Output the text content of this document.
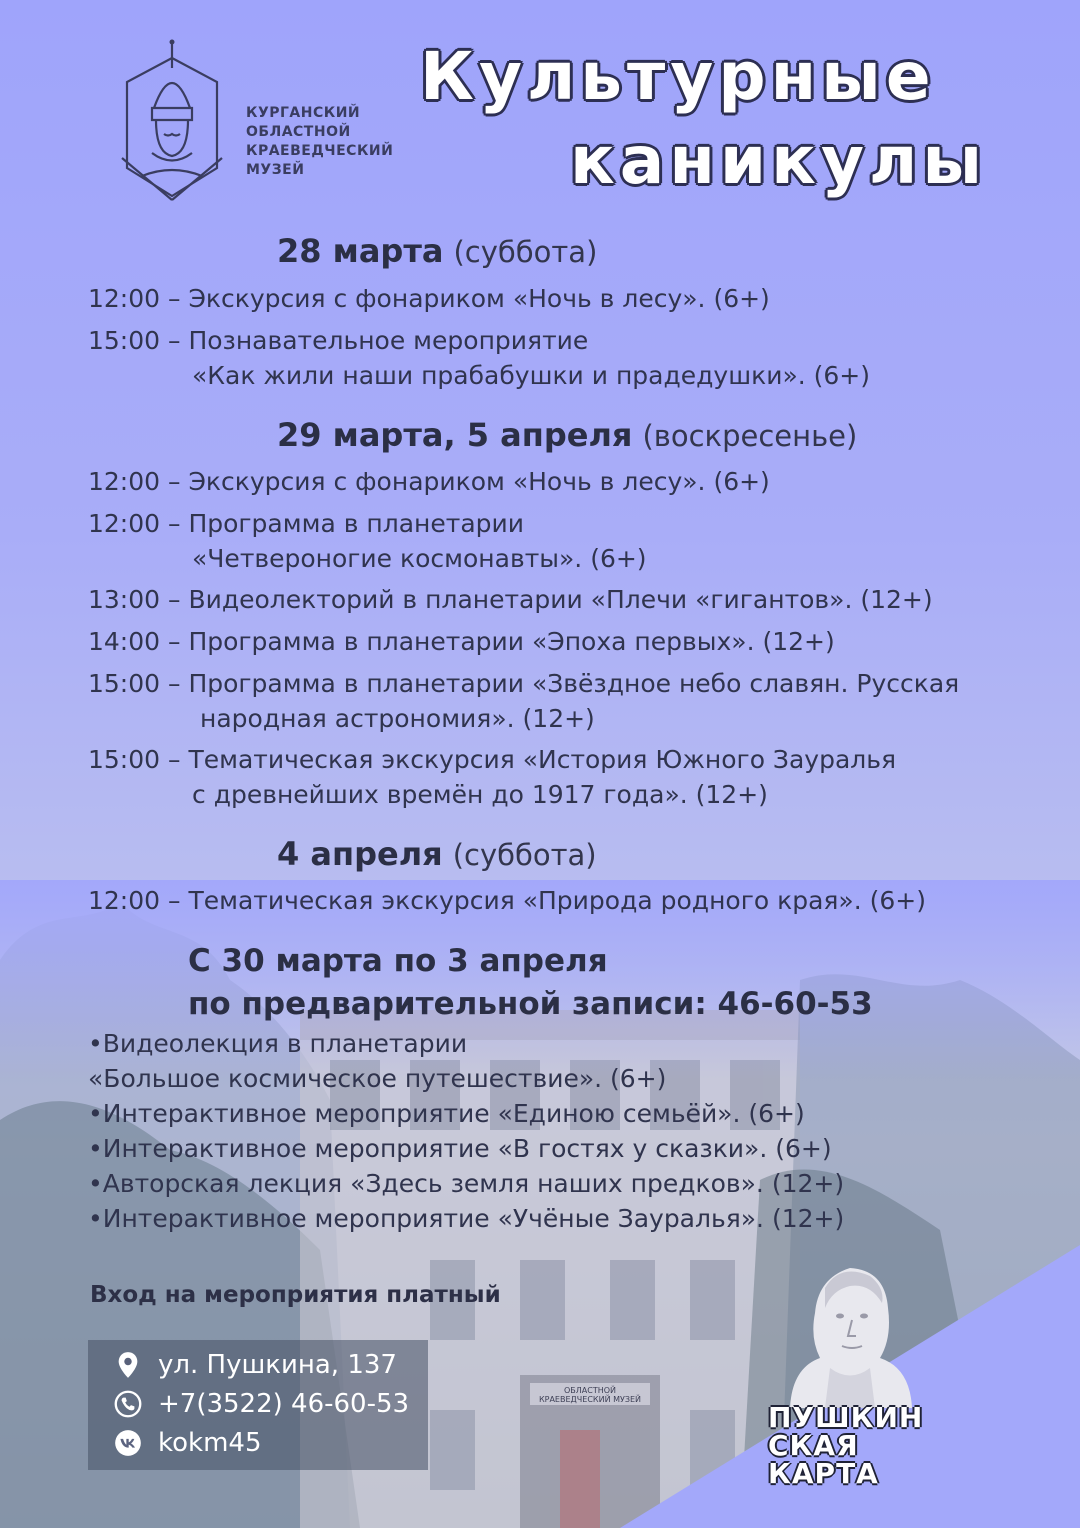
ОБЛАСТНОЙ
КРАЕВЕДЧЕСКИЙ МУЗЕЙ
КУРГАНСКИЙ
ОБЛАСТНОЙ
КРАЕВЕДЧЕСКИЙ
МУЗЕЙ
Культурные
каникулы
28 марта (суббота)
12:00 – Экскурсия с фонариком «Ночь в лесу». (6+)
15:00 – Познавательное мероприятие
«Как жили наши прабабушки и прадедушки». (6+)
29 марта, 5 апреля (воскресенье)
12:00 – Экскурсия с фонариком «Ночь в лесу». (6+)
12:00 – Программа в планетарии
«Четвероногие космонавты». (6+)
13:00 – Видеолекторий в планетарии «Плечи «гигантов». (12+)
14:00 – Программа в планетарии «Эпоха первых». (12+)
15:00 – Программа в планетарии «Звёздное небо славян. Русская
народная астрономия». (12+)
15:00 – Тематическая экскурсия «История Южного Зауралья
с древнейших времён до 1917 года». (12+)
4 апреля (суббота)
12:00 – Тематическая экскурсия «Природа родного края». (6+)
С 30 марта по 3 апреля
по предварительной записи: 46-60-53
•Видеолекция в планетарии
«Большое космическое путешествие». (6+)
•Интерактивное мероприятие «Единою семьёй». (6+)
•Интерактивное мероприятие «В гостях у сказки». (6+)
•Авторская лекция «Здесь земля наших предков». (12+)
•Интерактивное мероприятие «Учёные Зауралья». (12+)
Вход на мероприятия платный
ул. Пушкина, 137
+7(3522) 46-60-53
kokm45
ПУШКИН
СКАЯ
КАРТА
